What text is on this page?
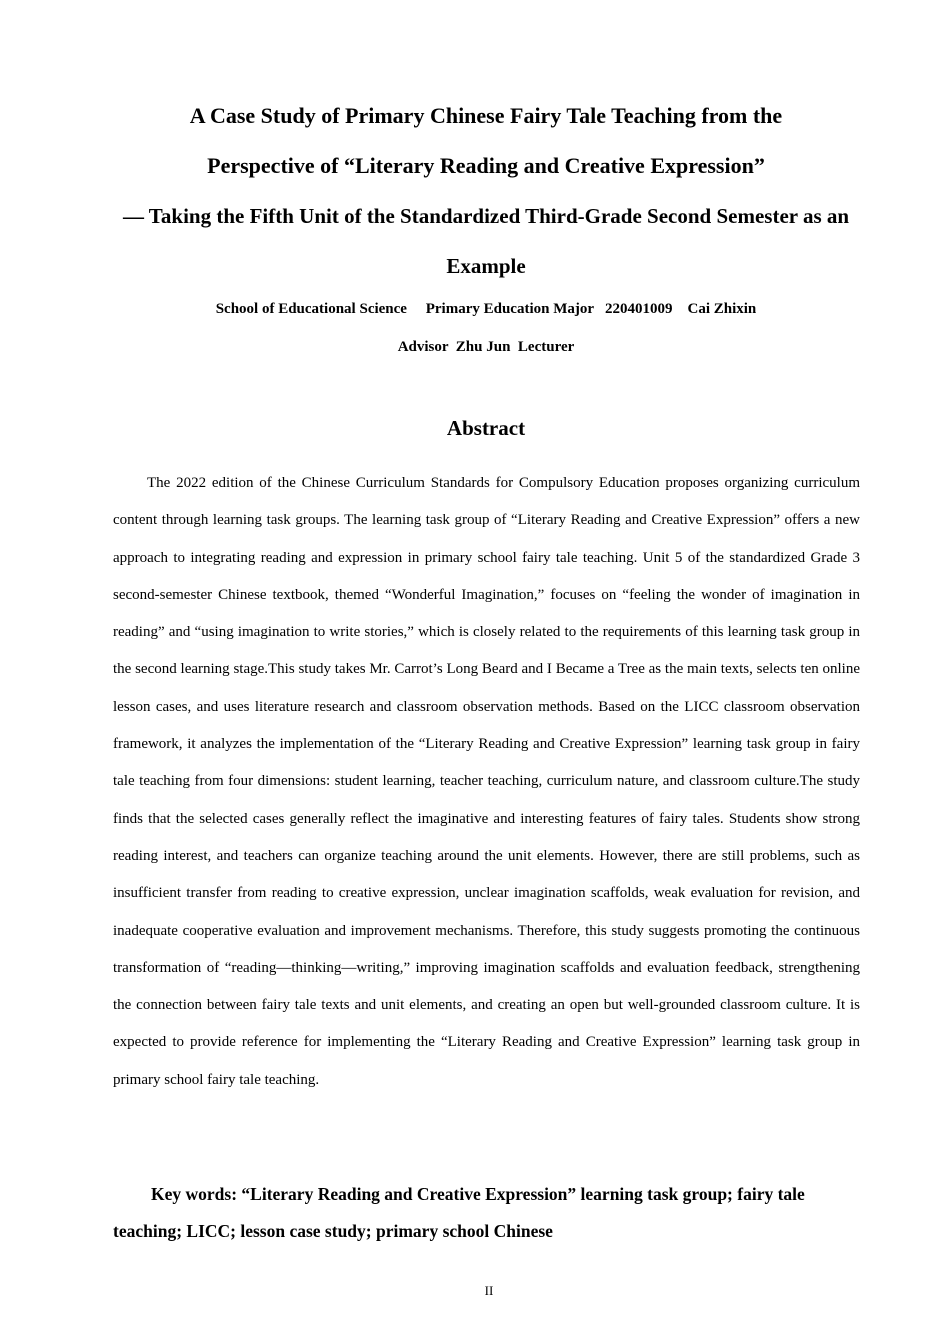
A Case Study of Primary Chinese Fairy Tale Teaching from the
Perspective of “Literary Reading and Creative Expression”
— Taking the Fifth Unit of the Standardized Third-Grade Second Semester as an
Example
School of Educational Science     Primary Education Major   220401009    Cai Zhixin
Advisor  Zhu Jun  Lecturer
Abstract

The 2022 edition of the Chinese Curriculum Standards for Compulsory Education proposes organizing curriculum content through learning task groups. The learning task group of “Literary Reading and Creative Expression” offers a new approach to integrating reading and expression in primary school fairy tale teaching. Unit 5 of the standardized Grade 3 second-semester Chinese textbook, themed “Wonderful Imagination,” focuses on “feeling the wonder of imagination in reading” and “using imagination to write stories,” which is closely related to the requirements of this learning task group in the second learning stage.This study takes Mr. Carrot’s Long Beard and I Became a Tree as the main texts, selects ten online lesson cases, and uses literature research and classroom observation methods. Based on the LICC classroom observation framework, it analyzes the implementation of the “Literary Reading and Creative Expression” learning task group in fairy tale teaching from four dimensions: student learning, teacher teaching, curriculum nature, and classroom culture.The study finds that the selected cases generally reflect the imaginative and interesting features of fairy tales. Students show strong reading interest, and teachers can organize teaching around the unit elements. However, there are still problems, such as insufficient transfer from reading to creative expression, unclear imagination scaffolds, weak evaluation for revision, and inadequate cooperative evaluation and improvement mechanisms. Therefore, this study suggests promoting the continuous transformation of “reading—thinking—writing,” improving imagination scaffolds and evaluation feedback, strengthening the connection between fairy tale texts and unit elements, and creating an open but well-grounded classroom culture. It is expected to provide reference for implementing the “Literary Reading and Creative Expression” learning task group in primary school fairy tale teaching.

Key words: “Literary Reading and Creative Expression” learning task group; fairy tale teaching; LICC; lesson case study; primary school Chinese

II
